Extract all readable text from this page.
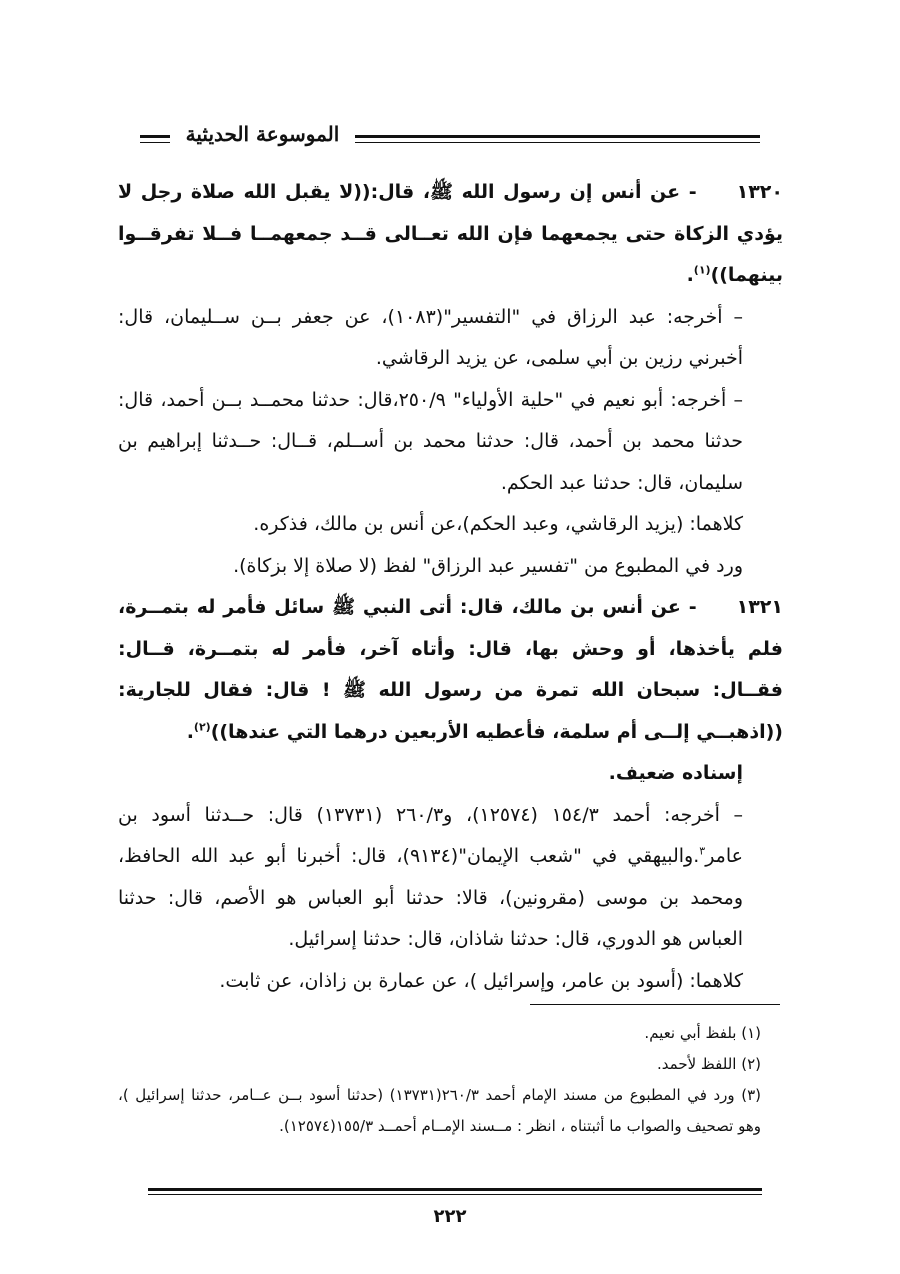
الموسوعة الحديثية

١٣٢٠- عن أنس إن رسول الله ﷺ، قال:((لا يقبل الله صلاة رجل لا يؤدي الزكاة حتى يجمعهما فإن الله تعــالى قــد جمعهمــا فــلا تفرقــوا بينهما))$^{(١)}$.

– أخرجه: عبد الرزاق في "التفسير"(١٠٨٣)، عن جعفر بــن ســليمان، قال: أخبرني رزين بن أبي سلمى، عن يزيد الرقاشي.

– أخرجه: أبو نعيم في "حلية الأولياء" ٢٥٠/٩،قال: حدثنا محمــد بــن أحمد، قال: حدثنا محمد بن أحمد، قال: حدثنا محمد بن أســلم، قــال: حــدثنا إبراهيم بن سليمان، قال: حدثنا عبد الحكم.

كلاهما: (يزيد الرقاشي، وعبد الحكم)،عن أنس بن مالك، فذكره.

ورد في المطبوع من "تفسير عبد الرزاق" لفظ (لا صلاة إلا بزكاة).

١٣٢١- عن أنس بن مالك، قال: أتى النبي ﷺ سائل فأمر له بتمــرة، فلم يأخذها، أو وحش بها، قال: وأتاه آخر، فأمر له بتمــرة، قــال: فقــال: سبحان الله تمرة من رسول الله ﷺ ! قال: فقال للجارية: ((اذهبــي إلــى أم سلمة، فأعطيه الأربعين درهما التي عندها))$^{(٢)}$.

إسناده ضعيف.

– أخرجه: أحمد ١٥٤/٣ (١٢٥٧٤)، و٢٦٠/٣ (١٣٧٣١) قال: حــدثنا أسود بن عامر$^٣$.والبيهقي في "شعب الإيمان"(٩١٣٤)، قال: أخبرنا أبو عبد الله الحافظ، ومحمد بن موسى (مقرونين)، قالا: حدثنا أبو العباس هو الأصم، قال: حدثنا العباس هو الدوري، قال: حدثنا شاذان، قال: حدثنا إسرائيل.

كلاهما: (أسود بن عامر، وإسرائيل )، عن عمارة بن زاذان، عن ثابت.

(١) بلفظ أبي نعيم.

(٢) اللفظ لأحمد.

(٣) ورد في المطبوع من مسند الإمام أحمد ٢٦٠/٣(١٣٧٣١) (حدثنا أسود بــن عــامر، حدثنا إسرائيل )، وهو تصحيف والصواب ما أثبتناه ، انظر : مــسند الإمــام أحمــد ١٥٥/٣(١٢٥٧٤).

٢٢٢
